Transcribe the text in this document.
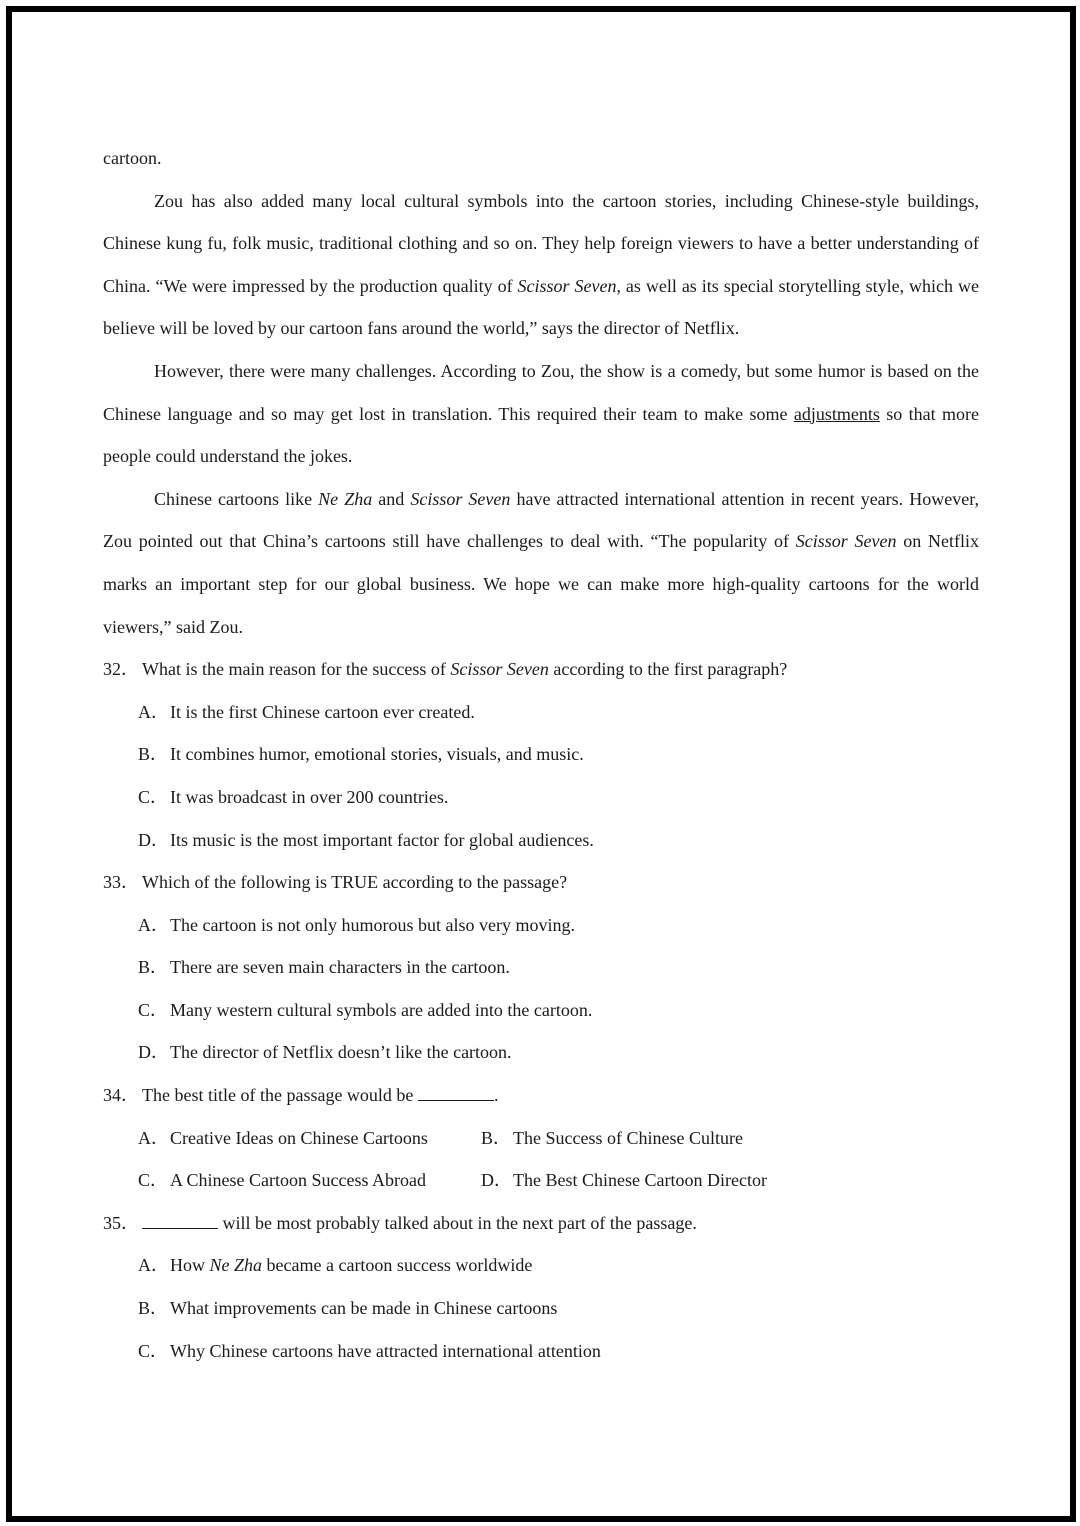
cartoon.

Zou has also added many local cultural symbols into the cartoon stories, including Chinese-style buildings, Chinese kung fu, folk music, traditional clothing and so on. They help foreign viewers to have a better understanding of China. “We were impressed by the production quality of Scissor Seven, as well as its special storytelling style, which we believe will be loved by our cartoon fans around the world,” says the director of Netflix.

However, there were many challenges. According to Zou, the show is a comedy, but some humor is based on the Chinese language and so may get lost in translation. This required their team to make some adjustments so that more people could understand the jokes.

Chinese cartoons like Ne Zha and Scissor Seven have attracted international attention in recent years. However, Zou pointed out that China’s cartoons still have challenges to deal with. “The popularity of Scissor Seven on Netflix marks an important step for our global business. We hope we can make more high-quality cartoons for the world viewers,” said Zou.

32． What is the main reason for the success of Scissor Seven according to the first paragraph?

A．It is the first Chinese cartoon ever created.

B． It combines humor, emotional stories, visuals, and music.

C． It was broadcast in over 200 countries.

D．Its music is the most important factor for global audiences.

33． Which of the following is TRUE according to the passage?

A．The cartoon is not only humorous but also very moving.

B． There are seven main characters in the cartoon.

C． Many western cultural symbols are added into the cartoon.

D．The director of Netflix doesn’t like the cartoon.

34． The best title of the passage would be	.

A．Creative Ideas on Chinese Cartoons	B． The Success of Chinese Culture
C． A Chinese Cartoon Success Abroad	D．The Best Chinese Cartoon Director

35．	will be most probably talked about in the next part of the passage.

A．How Ne Zha became a cartoon success worldwide

B． What improvements can be made in Chinese cartoons

C． Why Chinese cartoons have attracted international attention
